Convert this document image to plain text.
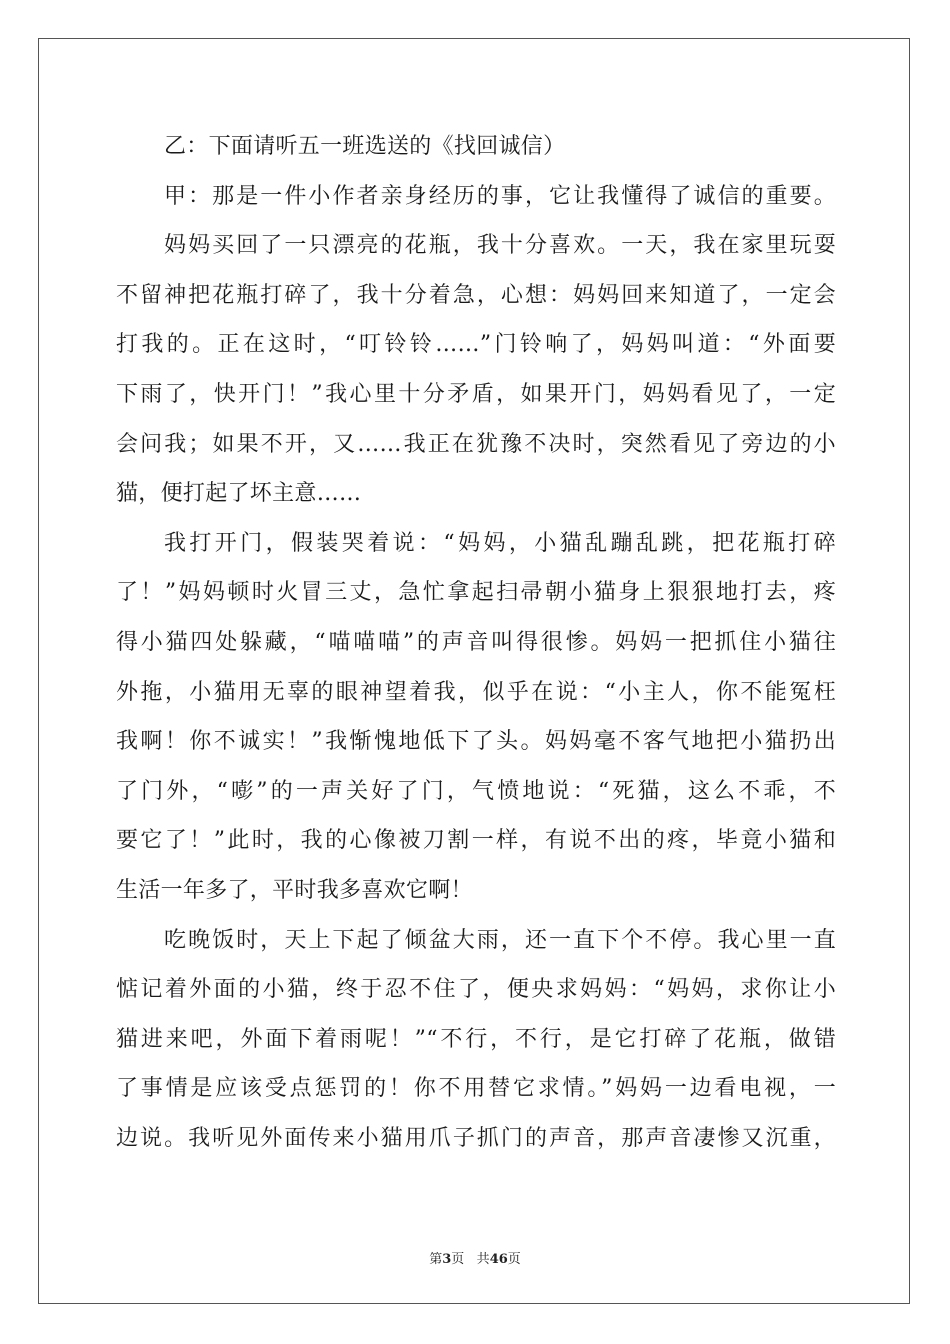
乙：下面请听五一班选送的《找回诚信）
甲：那是一件小作者亲身经历的事，它让我懂得了诚信的重要。
妈妈买回了一只漂亮的花瓶，我十分喜欢。一天，我在家里玩耍
不留神把花瓶打碎了，我十分着急，心想：妈妈回来知道了，一定会
打我的。正在这时，“叮铃铃……”门铃响了，妈妈叫道：“外面要
下雨了，快开门！”我心里十分矛盾，如果开门，妈妈看见了，一定
会问我；如果不开，又……我正在犹豫不决时，突然看见了旁边的小
猫，便打起了坏主意……
我打开门，假装哭着说：“妈妈，小猫乱蹦乱跳，把花瓶打碎
了！”妈妈顿时火冒三丈，急忙拿起扫帚朝小猫身上狠狠地打去，疼
得小猫四处躲藏，“喵喵喵”的声音叫得很惨。妈妈一把抓住小猫往
外拖，小猫用无辜的眼神望着我，似乎在说：“小主人，你不能冤枉
我啊！你不诚实！”我惭愧地低下了头。妈妈毫不客气地把小猫扔出
了门外，“嘭”的一声关好了门，气愤地说：“死猫，这么不乖，不
要它了！”此时，我的心像被刀割一样，有说不出的疼，毕竟小猫和
生活一年多了，平时我多喜欢它啊！
吃晚饭时，天上下起了倾盆大雨，还一直下个不停。我心里一直
惦记着外面的小猫，终于忍不住了，便央求妈妈：“妈妈，求你让小
猫进来吧，外面下着雨呢！”“不行，不行，是它打碎了花瓶，做错
了事情是应该受点惩罚的！你不用替它求情。”妈妈一边看电视，一
边说。我听见外面传来小猫用爪子抓门的声音，那声音凄惨又沉重，
第3页 共46页
